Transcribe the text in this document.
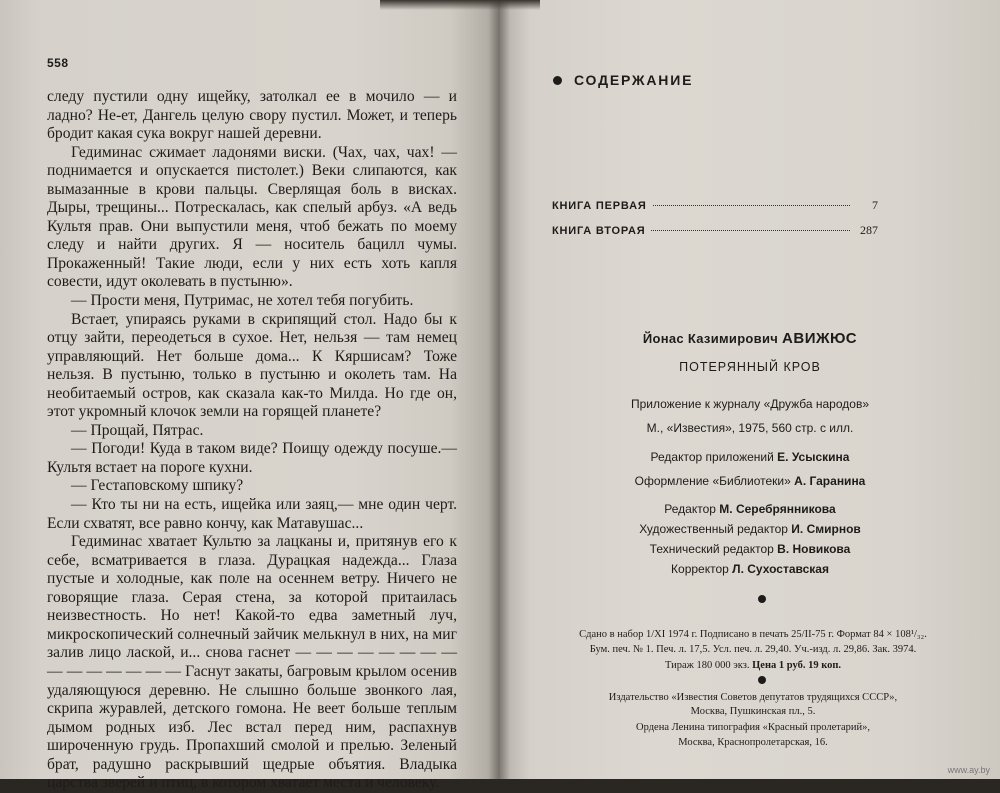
558

следу пустили одну ищейку, затолкал ее в мочило — и ладно? Не-ет, Дангель целую свору пустил. Может, и теперь бродит какая сука вокруг нашей деревни.

Гедиминас сжимает ладонями виски. (Чах, чах, чах! — поднимается и опускается пистолет.) Веки слипаются, как вымазанные в крови пальцы. Сверлящая боль в висках. Дыры, трещины... Потрескалась, как спелый арбуз. «А ведь Культя прав. Они выпустили меня, чтоб бежать по моему следу и найти других. Я — носитель бацилл чумы. Прокаженный! Такие люди, если у них есть хоть капля совести, идут околевать в пустыню».

— Прости меня, Путримас, не хотел тебя погубить.

Встает, упираясь руками в скрипящий стол. Надо бы к отцу зайти, переодеться в сухое. Нет, нельзя — там немец управляющий. Нет больше дома... К Кяршисам? Тоже нельзя. В пустыню, только в пустыню и околеть там. На необитаемый остров, как сказала как-то Милда. Но где он, этот укромный клочок земли на горящей планете?

— Прощай, Пятрас.

— Погоди! Куда в таком виде? Поищу одежду посуше.— Культя встает на пороге кухни.

— Гестаповскому шпику?

— Кто ты ни на есть, ищейка или заяц,— мне один черт. Если схватят, все равно кончу, как Матавушас...

Гедиминас хватает Культю за лацканы и, притянув его к себе, всматривается в глаза. Дурацкая надежда... Глаза пустые и холодные, как поле на осеннем ветру. Ничего не говорящие глаза. Серая стена, за которой притаилась неизвестность. Но нет! Какой-то едва заметный луч, микроскопический солнечный зайчик мелькнул в них, на миг залив лицо лаской, и... снова гаснет — — — — — — — — — — — — — — — Гаснут закаты, багровым крылом осенив удаляющуюся деревню. Не слышно больше звонкого лая, скрипа журавлей, детского гомона. Не веет больше теплым дымом родных изб. Лес встал перед ним, распахнув широченную грудь. Пропахший смолой и прелью. Зеленый брат, радушно раскрывший щедрые объятия. Владыка царства зверей и птиц, в котором хватает места и человеку.

СОДЕРЖАНИЕ
КНИГА ПЕРВАЯ	7
КНИГА ВТОРАЯ	287
Йонас Казимирович АВИЖЮС
ПОТЕРЯННЫЙ КРОВ
Приложение к журналу «Дружба народов»
М., «Известия», 1975, 560 стр. с илл.
Редактор приложений Е. Усыскина
Оформление «Библиотеки» А. Гаранина
Редактор М. Серебрянникова
Художественный редактор И. Смирнов
Технический редактор В. Новикова
Корректор Л. Сухоставская
Сдано в набор 1/XI 1974 г. Подписано в печать 25/II-75 г. Формат 84 × 108¹/₃₂.
Бум. печ. № 1. Печ. л. 17,5. Усл. печ. л. 29,40. Уч.-изд. л. 29,86. Зак. 3974.
Тираж 180 000 экз. Цена 1 руб. 19 коп.
Издательство «Известия Советов депутатов трудящихся СССР»,
Москва, Пушкинская пл., 5.
Ордена Ленина типография «Красный пролетарий»,
Москва, Краснопролетарская, 16.
www.ay.by
